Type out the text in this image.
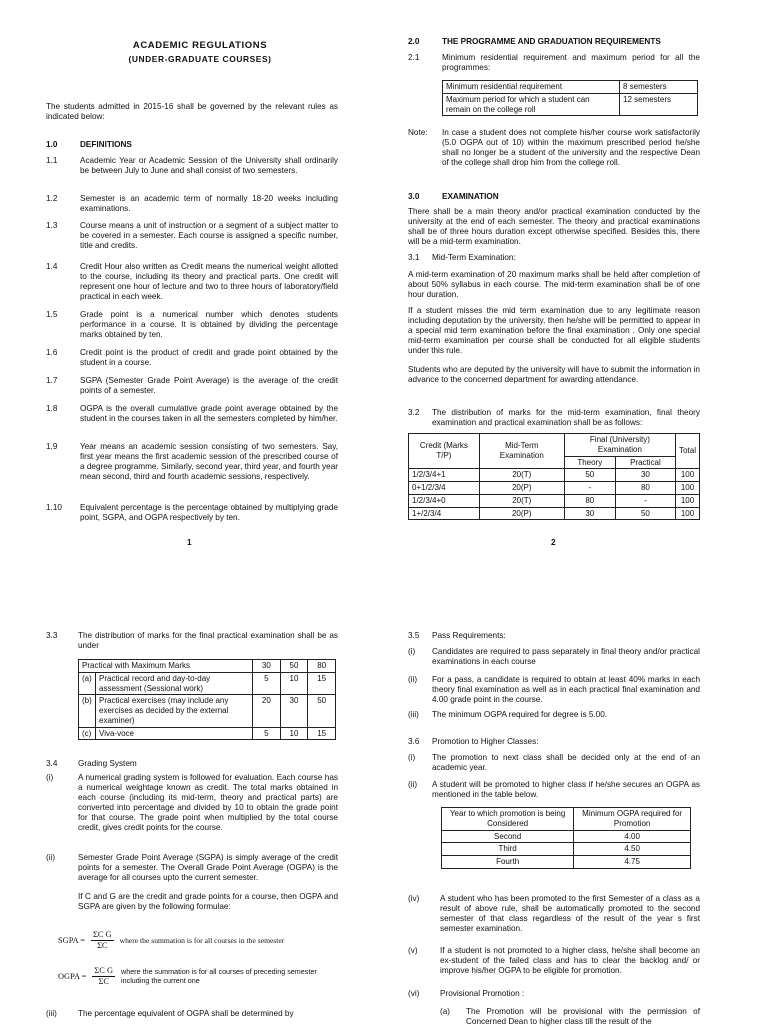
ACADEMIC REGULATIONS
(UNDER-GRADUATE COURSES)
The students admitted in 2015-16 shall be governed by the relevant rules as indicated below:
1.0	DEFINITIONS
1.1	Academic Year or Academic Session of the University shall ordinarily be between July to June and shall consist of two semesters.
1.2	Semester is an academic term of normally 18-20 weeks including examinations.
1.3	Course means a unit of instruction or a segment of a subject matter to be covered in a semester. Each course is assigned a specific number, title and credits.
1.4	Credit Hour also written as Credit means the numerical weight allotted to the course, including its theory and practical parts. One credit will represent one hour of lecture and two to three hours of laboratory/field practical in each week.
1.5	Grade point is a numerical number which denotes students performance in a course. It is obtained by dividing the percentage marks obtained by ten.
1.6	Credit point is the product of credit and grade point obtained by the student in a course.
1.7	SGPA (Semester Grade Point Average) is the average of the credit points of a semester.
1.8	OGPA is the overall cumulative grade point average obtained by the student in the courses taken in all the semesters completed by him/her.
1.9	Year means an academic session consisting of two semesters. Say, first year means the first academic session of the prescribed course of a degree programme. Similarly, second year, third year, and fourth year mean second, third and fourth academic sessions, respectively.
1.10	Equivalent percentage is the percentage obtained by multiplying grade point, SGPA, and OGPA respectively by ten.
1
2.0	THE PROGRAMME AND GRADUATION REQUIREMENTS
2.1	Minimum residential requirement and maximum period for all the programmes:
Minimum residential requirement	8 semesters
Maximum period for which a student can remain on the college roll	12 semesters
Note:	In case a student does not complete his/her course work satisfactorily (5.0 OGPA out of 10) within the maximum prescribed period he/she shall no longer be a student of the university and the respective Dean of the college shall drop him from the college roll.
3.0	EXAMINATION
There shall be a main theory and/or practical examination conducted by the university at the end of each semester. The theory and practical examinations shall be of three hours duration except otherwise specified. Besides this, there will be a mid-term examination.
3.1	Mid-Term Examination:
A mid-term examination of 20 maximum marks shall be held after completion of about 50% syllabus in each course. The mid-term examination shall be of one hour duration.
If a student misses the mid term examination due to any legitimate reason including deputation by the university, then he/she will be permitted to appear in a special mid term examination before the final examination . Only one special mid-term examination per course shall be conducted for all eligible students under this rule.
Students who are deputed by the university will have to submit the information in advance to the concerned department for awarding attendance.
3.2	The distribution of marks for the mid-term examination, final theory examination and practical examination shall be as follows:
Credit (Marks T/P)	Mid-Term Examination	Final (University) Examination		Total
		Theory	Practical	
1/2/3/4+1	20(T)	50	30	100
0+1/2/3/4	20(P)	-	80	100
1/2/3/4+0	20(T)	80	-	100
1+/2/3/4	20(P)	30	50	100
2
3.3	The distribution of marks for the final practical examination shall be as under
Practical with Maximum Marks		30	50	80
(a)	Practical record and day-to-day assessment (Sessional work)	5	10	15
(b)	Practical exercises (may include any exercises as decided by the external examiner)	20	30	50
(c)	Viva-voce	5	10	15
3.4	Grading System
(i)	A numerical grading system is followed for evaluation. Each course has a numerical weightage known as credit. The total marks obtained in each course (including its mid-term, theory and practical parts) are converted into percentage and divided by 10 to obtain the grade point for that course. The grade point when multiplied by the total course credit, gives credit points for the course.
(ii)	Semester Grade Point Average (SGPA) is simply average of the credit points for a semester. The Overall Grade Point Average (OGPA) is the average for all courses upto the current semester.
If C and G are the credit and grade points for a course, then OGPA and SGPA are given by the following formulae:
SGPA = $\frac{\text{ΣC G}}{\Sigma C}$ where the summation is for all courses in the semester
OGPA = $\frac{\text{ΣC G}}{\Sigma C}$ where the summation is for all courses of preceding semester including the current one
(iii)	The percentage equivalent of OGPA shall be determined by
3.5	Pass Requirements:
(i)	Candidates are required to pass separately in final theory and/or practical examinations in each course
(ii)	For a pass, a candidate is required to obtain at least 40% marks in each theory final examination as well as in each practical final examination and 4.00 grade point in the course.
(iii)	The minimum OGPA required for degree is 5.00.
3.6	Promotion to Higher Classes:
(i)	The promotion to next class shall be decided only at the end of an academic year.
(ii)	A student will be promoted to higher class if he/she secures an OGPA as mentioned in the table below.
Year to which promotion is being Considered	Minimum OGPA required for Promotion
Second	4.00
Third	4.50
Fourth	4.75
(iv)	A student who has been promoted to the first Semester of a class as a result of above rule, shall be automatically promoted to the second semester of that class regardless of the result of the year s first semester examination.
(v)	If a student is not promoted to a higher class, he/she shall become an ex-student of the failed class and has to clear the backlog and/ or improve his/her OGPA to be eligible for promotion.
(vi)	Provisional Promotion :
(a)	The Promotion will be provisional with the permission of Concerned Dean to higher class till the result of the
